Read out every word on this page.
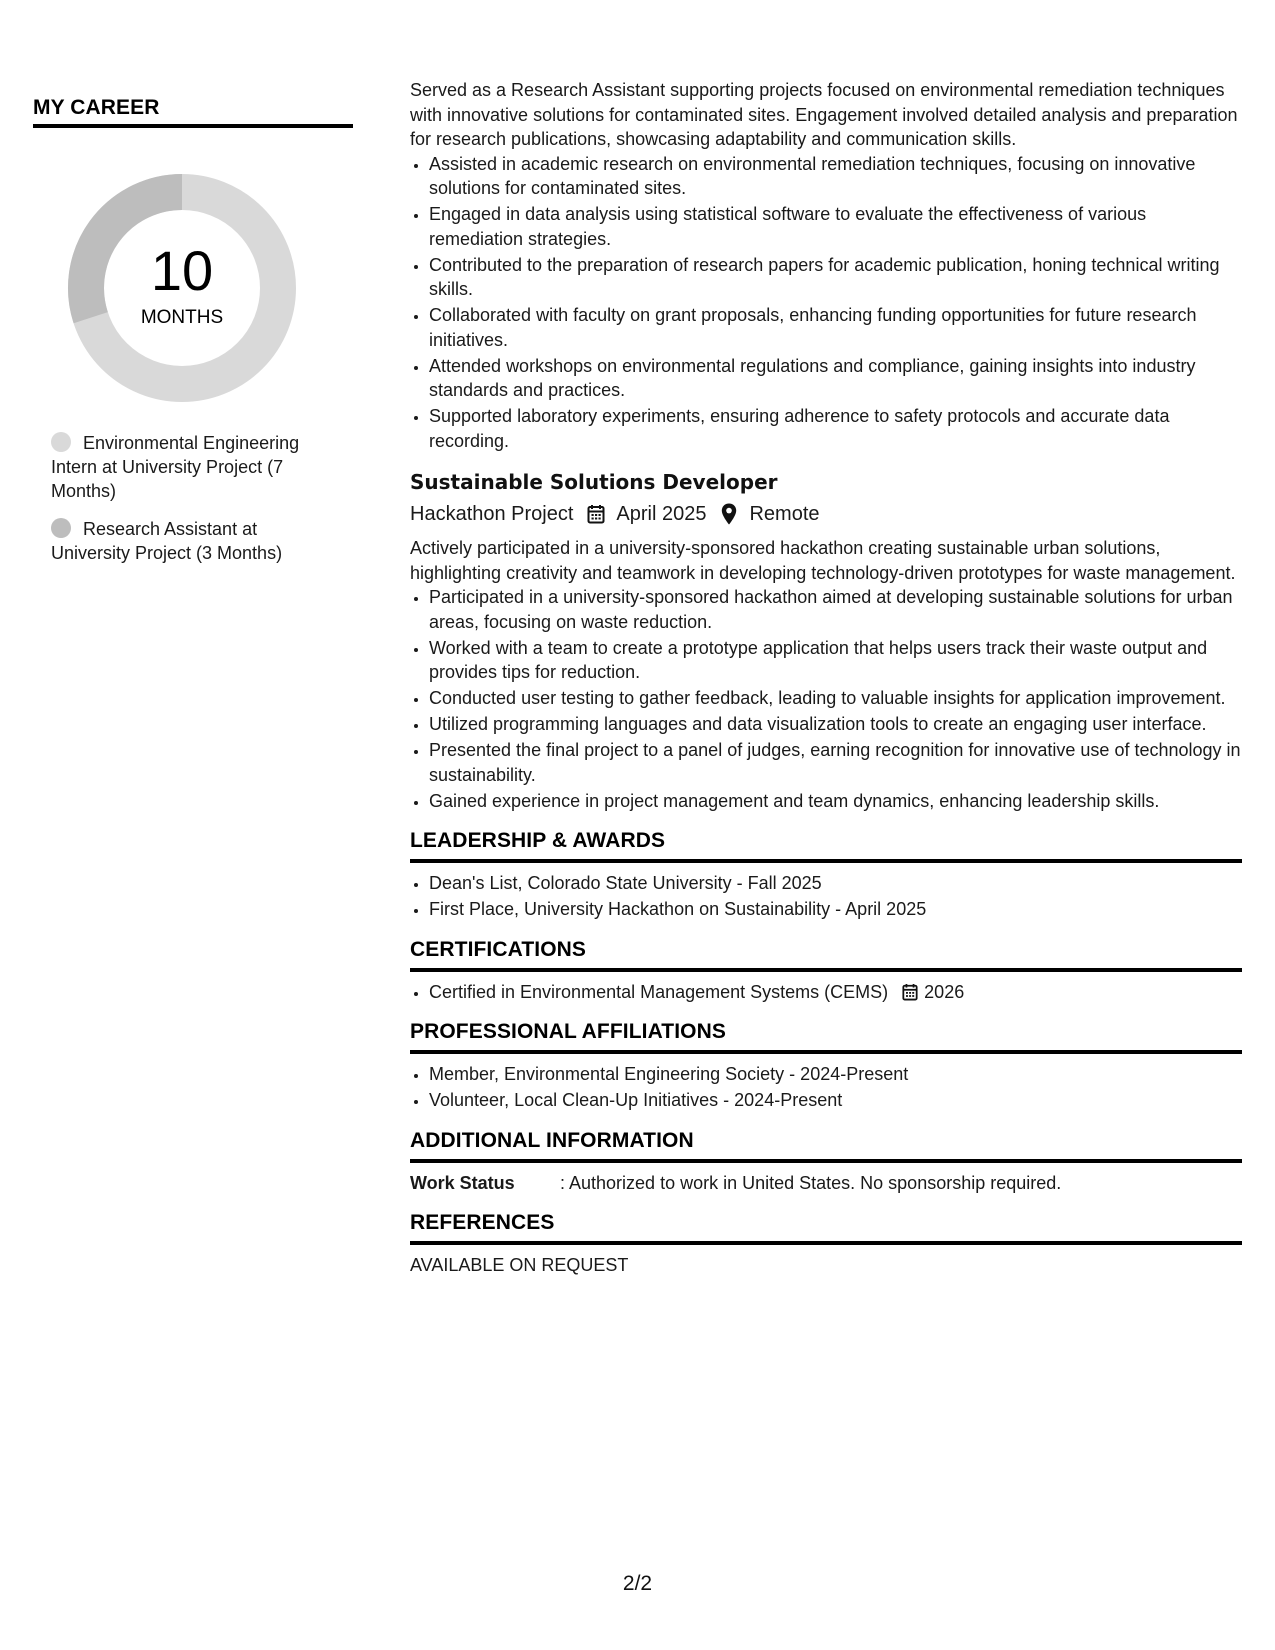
MY CAREER
10
MONTHS
Environmental Engineering Intern at University Project (7 Months)
Research Assistant at University Project (3 Months)

Served as a Research Assistant supporting projects focused on environmental remediation techniques with innovative solutions for contaminated sites. Engagement involved detailed analysis and preparation for research publications, showcasing adaptability and communication skills.

• Assisted in academic research on environmental remediation techniques, focusing on innovative solutions for contaminated sites.
• Engaged in data analysis using statistical software to evaluate the effectiveness of various remediation strategies.
• Contributed to the preparation of research papers for academic publication, honing technical writing skills.
• Collaborated with faculty on grant proposals, enhancing funding opportunities for future research initiatives.
• Attended workshops on environmental regulations and compliance, gaining insights into industry standards and practices.
• Supported laboratory experiments, ensuring adherence to safety protocols and accurate data recording.
Sustainable Solutions Developer
Hackathon Project April 2025 Remote

Actively participated in a university-sponsored hackathon creating sustainable urban solutions, highlighting creativity and teamwork in developing technology-driven prototypes for waste management.

• Participated in a university-sponsored hackathon aimed at developing sustainable solutions for urban areas, focusing on waste reduction.
• Worked with a team to create a prototype application that helps users track their waste output and provides tips for reduction.
• Conducted user testing to gather feedback, leading to valuable insights for application improvement.
• Utilized programming languages and data visualization tools to create an engaging user interface.
• Presented the final project to a panel of judges, earning recognition for innovative use of technology in sustainability.
• Gained experience in project management and team dynamics, enhancing leadership skills.
LEADERSHIP & AWARDS
• Dean's List, Colorado State University - Fall 2025
• First Place, University Hackathon on Sustainability - April 2025
CERTIFICATIONS
• Certified in Environmental Management Systems (CEMS) 2026
PROFESSIONAL AFFILIATIONS
• Member, Environmental Engineering Society - 2024-Present
• Volunteer, Local Clean-Up Initiatives - 2024-Present
ADDITIONAL INFORMATION
Work Status	: Authorized to work in United States. No sponsorship required.
REFERENCES

AVAILABLE ON REQUEST

2/2
